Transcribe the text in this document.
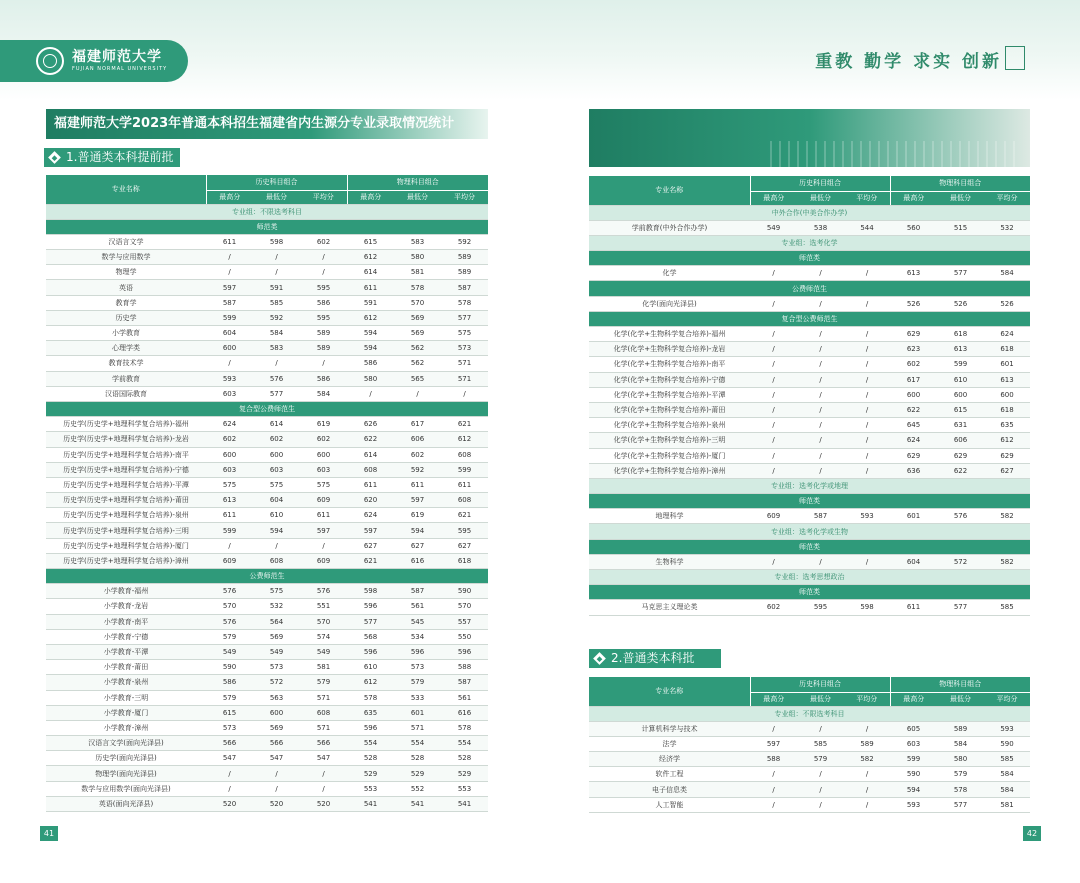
福建师范大学
FUJIAN NORMAL UNIVERSITY	重教 勤学 求实 创新
福建师范大学2023年普通本科招生福建省内生源分专业录取情况统计
1.普通类本科提前批
2.普通类本科批
专业名称	历史科目组合			物理科目组合		
	最高分	最低分	平均分	最高分	最低分	平均分
专业组：不限选考科目						
师范类						
汉语言文学	611	598	602	615	583	592
数学与应用数学	/	/	/	612	580	589
物理学	/	/	/	614	581	589
英语	597	591	595	611	578	587
教育学	587	585	586	591	570	578
历史学	599	592	595	612	569	577
小学教育	604	584	589	594	569	575
心理学类	600	583	589	594	562	573
教育技术学	/	/	/	586	562	571
学前教育	593	576	586	580	565	571
汉语国际教育	603	577	584	/	/	/
复合型公费师范生						
历史学(历史学+地理科学复合培养)-福州	624	614	619	626	617	621
历史学(历史学+地理科学复合培养)-龙岩	602	602	602	622	606	612
历史学(历史学+地理科学复合培养)-南平	600	600	600	614	602	608
历史学(历史学+地理科学复合培养)-宁德	603	603	603	608	592	599
历史学(历史学+地理科学复合培养)-平潭	575	575	575	611	611	611
历史学(历史学+地理科学复合培养)-莆田	613	604	609	620	597	608
历史学(历史学+地理科学复合培养)-泉州	611	610	611	624	619	621
历史学(历史学+地理科学复合培养)-三明	599	594	597	597	594	595
历史学(历史学+地理科学复合培养)-厦门	/	/	/	627	627	627
历史学(历史学+地理科学复合培养)-漳州	609	608	609	621	616	618
公费师范生						
小学教育-福州	576	575	576	598	587	590
小学教育-龙岩	570	532	551	596	561	570
小学教育-南平	576	564	570	577	545	557
小学教育-宁德	579	569	574	568	534	550
小学教育-平潭	549	549	549	596	596	596
小学教育-莆田	590	573	581	610	573	588
小学教育-泉州	586	572	579	612	579	587
小学教育-三明	579	563	571	578	533	561
小学教育-厦门	615	600	608	635	601	616
小学教育-漳州	573	569	571	596	571	578
汉语言文学(面向光泽县)	566	566	566	554	554	554
历史学(面向光泽县)	547	547	547	528	528	528
物理学(面向光泽县)	/	/	/	529	529	529
数学与应用数学(面向光泽县)	/	/	/	553	552	553
英语(面向光泽县)	520	520	520	541	541	541
专业名称	历史科目组合			物理科目组合		
	最高分	最低分	平均分	最高分	最低分	平均分
中外合作(中美合作办学)						
学前教育(中外合作办学)	549	538	544	560	515	532
专业组：选考化学						
师范类						
化学	/	/	/	613	577	584
公费师范生						
化学(面向光泽县)	/	/	/	526	526	526
复合型公费师范生						
化学(化学+生物科学复合培养)-福州	/	/	/	629	618	624
化学(化学+生物科学复合培养)-龙岩	/	/	/	623	613	618
化学(化学+生物科学复合培养)-南平	/	/	/	602	599	601
化学(化学+生物科学复合培养)-宁德	/	/	/	617	610	613
化学(化学+生物科学复合培养)-平潭	/	/	/	600	600	600
化学(化学+生物科学复合培养)-莆田	/	/	/	622	615	618
化学(化学+生物科学复合培养)-泉州	/	/	/	645	631	635
化学(化学+生物科学复合培养)-三明	/	/	/	624	606	612
化学(化学+生物科学复合培养)-厦门	/	/	/	629	629	629
化学(化学+生物科学复合培养)-漳州	/	/	/	636	622	627
专业组：选考化学或地理						
师范类						
地理科学	609	587	593	601	576	582
专业组：选考化学或生物						
师范类						
生物科学	/	/	/	604	572	582
专业组：选考思想政治						
师范类						
马克思主义理论类	602	595	598	611	577	585
专业名称	历史科目组合			物理科目组合		
	最高分	最低分	平均分	最高分	最低分	平均分
专业组：不限选考科目						
计算机科学与技术	/	/	/	605	589	593
法学	597	585	589	603	584	590
经济学	588	579	582	599	580	585
软件工程	/	/	/	590	579	584
电子信息类	/	/	/	594	578	584
人工智能	/	/	/	593	577	581
41	42
